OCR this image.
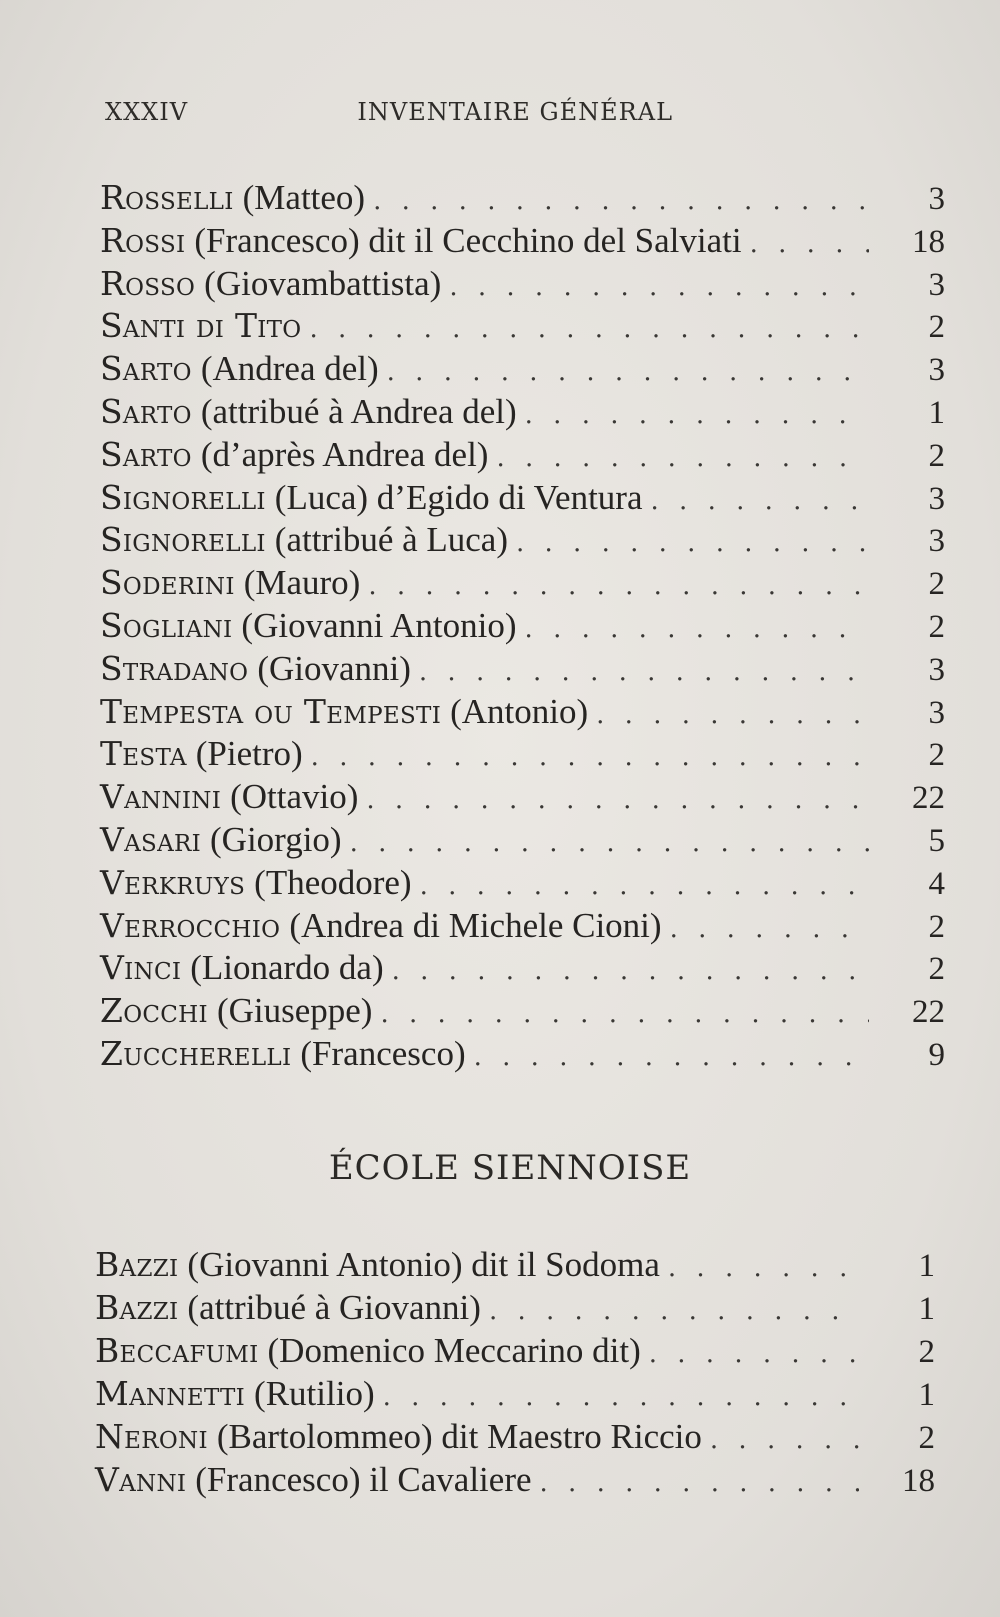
XXXIV	INVENTAIRE GÉNÉRAL
Rosselli (Matteo) . . .	3
Rossi (Francesco) dit il Cecchino del Salviati . . .	18
Rosso (Giovambattista) . . .	3
Santi di Tito . . .	2
Sarto (Andrea del) . . .	3
Sarto (attribué à Andrea del) . . .	1
Sarto (d’après Andrea del) . . .	2
Signorelli (Luca) d’Egido di Ventura . . .	3
Signorelli (attribué à Luca) . . .	3
Soderini (Mauro) . . .	2
Sogliani (Giovanni Antonio) . . .	2
Stradano (Giovanni) . . .	3
Tempesta ou Tempesti (Antonio) . . .	3
Testa (Pietro) . . .	2
Vannini (Ottavio) . . .	22
Vasari (Giorgio) . . .	5
Verkruys (Theodore) . . .	4
Verrocchio (Andrea di Michele Cioni) . . .	2
Vinci (Lionardo da) . . .	2
Zocchi (Giuseppe) . . .	22
Zuccherelli (Francesco) . . .	9
ÉCOLE SIENNOISE
Bazzi (Giovanni Antonio) dit il Sodoma . . .	1
Bazzi (attribué à Giovanni) . . .	1
Beccafumi (Domenico Meccarino dit) . . .	2
Mannetti (Rutilio) . . .	1
Neroni (Bartolommeo) dit Maestro Riccio . . .	2
Vanni (Francesco) il Cavaliere . . .	18
